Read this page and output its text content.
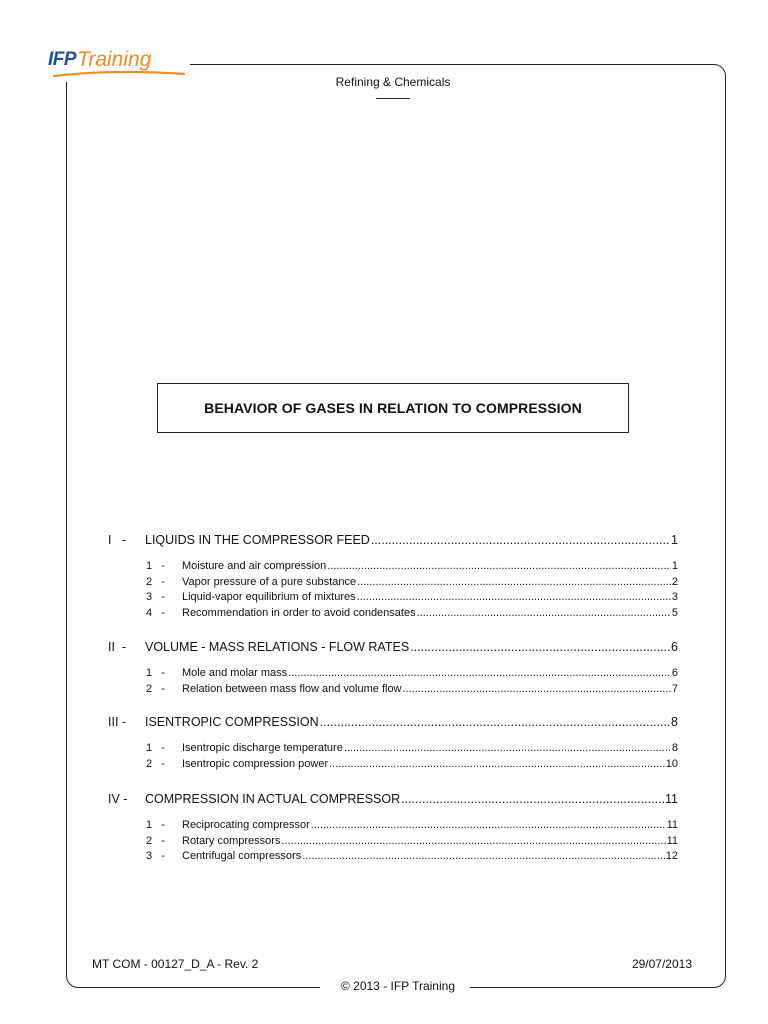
IFPTraining
Refining & Chemicals
BEHAVIOR OF GASES IN RELATION TO COMPRESSION
I   -	LIQUIDS IN THE COMPRESSOR FEED .....	1
1   -	Moisture and air compression .....	1
2   -	Vapor pressure of a pure substance .....	2
3   -	Liquid-vapor equilibrium of mixtures .....	3
4   -	Recommendation in order to avoid condensates .....	5
II  -	VOLUME - MASS RELATIONS - FLOW RATES .....	6
1   -	Mole and molar mass .....	6
2   -	Relation between mass flow and volume flow .....	7
III -	ISENTROPIC COMPRESSION .....	8
1   -	Isentropic discharge temperature .....	8
2   -	Isentropic compression power .....	10
IV -	COMPRESSION IN ACTUAL COMPRESSOR .....	11
1   -	Reciprocating compressor .....	11
2   -	Rotary compressors .....	11
3   -	Centrifugal compressors .....	12
MT COM - 00127_D_A - Rev. 2	29/07/2013
© 2013 - IFP Training
